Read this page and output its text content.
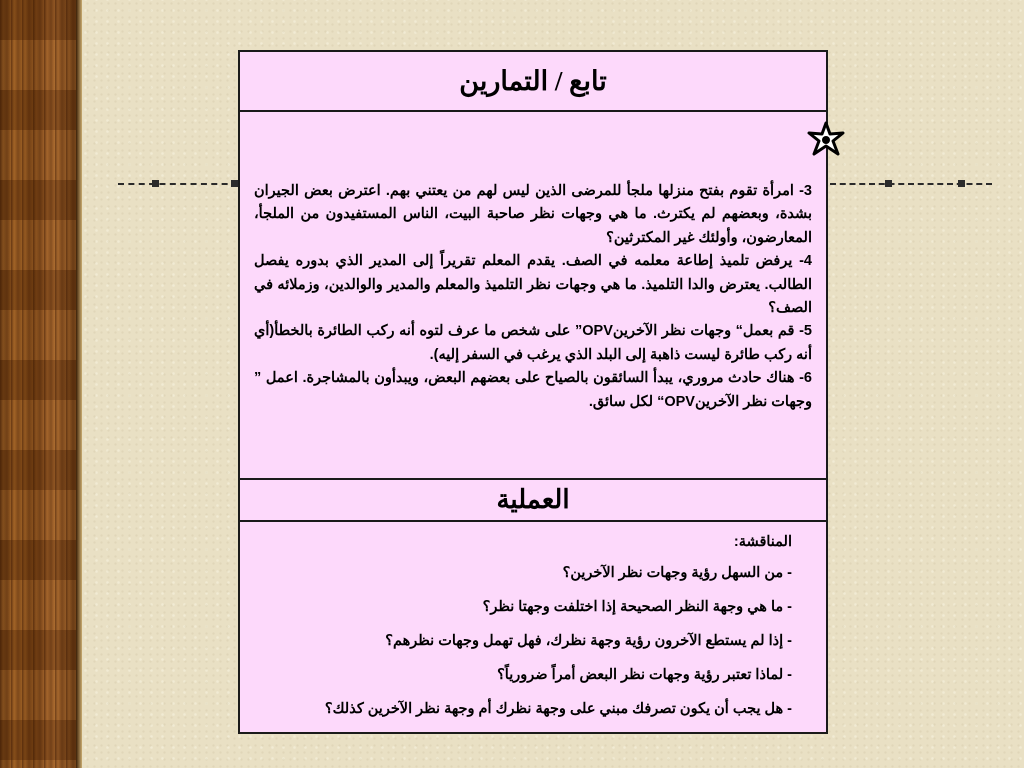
تابع / التمارين

3- امرأة تقوم بفتح منزلها ملجأ للمرضى الذين ليس لهم من يعتني بهم. اعترض بعض الجيران بشدة، وبعضهم لم يكترث. ما هي وجهات نظر صاحبة البيت، الناس المستفيدون من الملجأ، المعارضون، وأولئك غير المكترثين؟

4- يرفض تلميذ إطاعة معلمه في الصف. يقدم المعلم تقريراً إلى المدير الذي بدوره يفصل الطالب. يعترض والدا التلميذ. ما هي وجهات نظر التلميذ والمعلم والمدير والوالدين، وزملائه في الصف؟

5- قم بعمل“ وجهات نظر الآخرينOPV” على شخص ما عرف لتوه أنه ركب الطائرة بالخطأ(أي أنه ركب طائرة ليست ذاهبة إلى البلد الذي يرغب في السفر إليه).

6- هناك حادث مروري، يبدأ السائقون بالصياح على بعضهم البعض، ويبدأون بالمشاجرة. اعمل ” وجهات نظر الآخرينOPV“ لكل سائق.

العملية
المناقشة:
- من السهل رؤية وجهات نظر الآخرين؟
- ما هي وجهة النظر الصحيحة إذا اختلفت وجهتا نظر؟
- إذا لم يستطع الآخرون رؤية وجهة نظرك، فهل تهمل وجهات نظرهم؟
- لماذا تعتبر رؤية وجهات نظر البعض أمراً ضرورياً؟
- هل يجب أن يكون تصرفك مبني على وجهة نظرك أم وجهة نظر الآخرين كذلك؟
